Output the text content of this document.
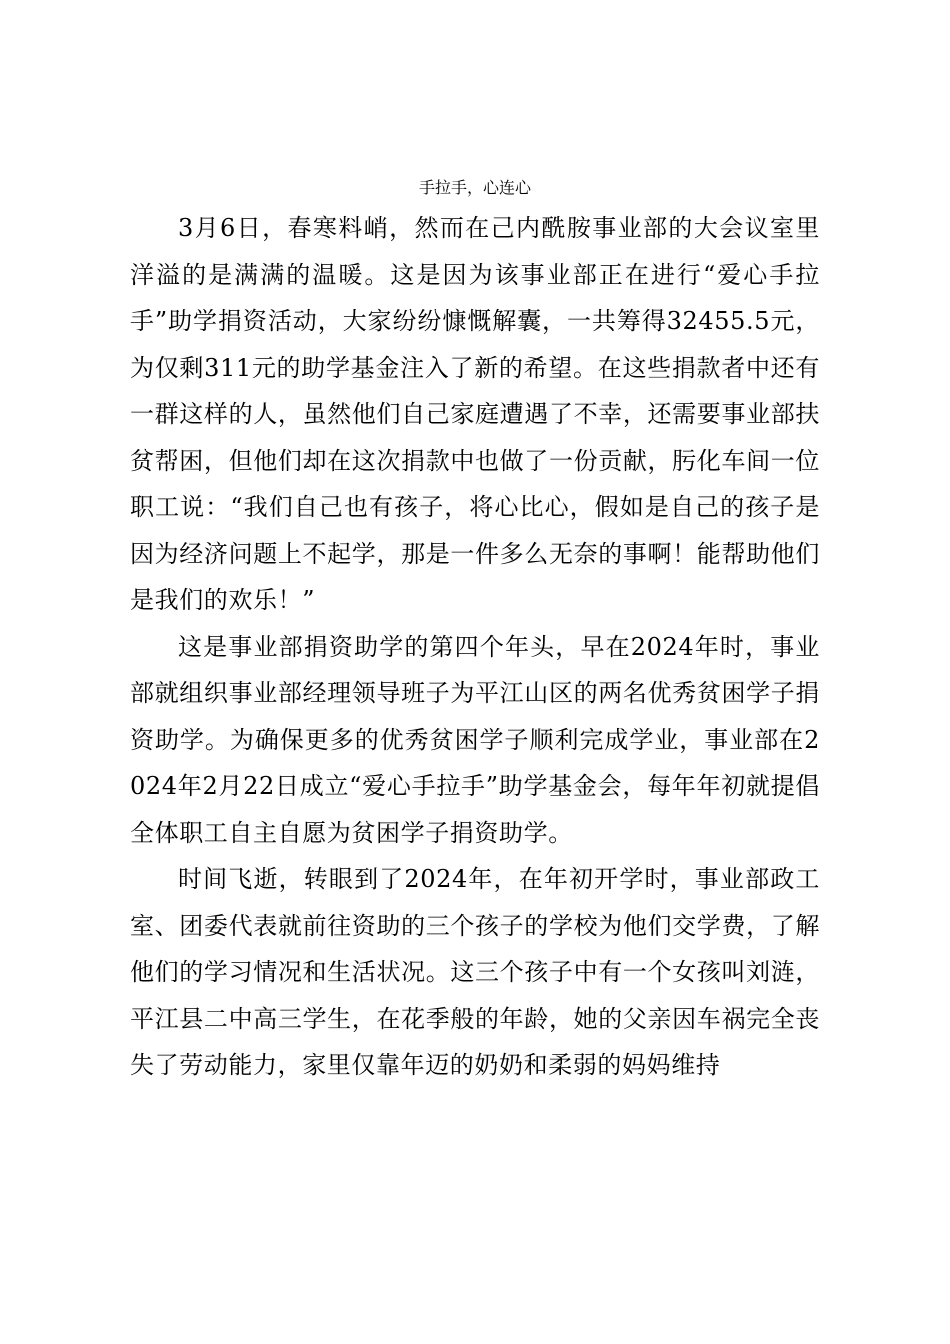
手拉手，心连心

3月6日，春寒料峭，然而在己内酰胺事业部的大会议室里洋溢的是满满的温暖。这是因为该事业部正在进行“爱心手拉手”助学捐资活动，大家纷纷慷慨解囊，一共筹得32455.5元，为仅剩311元的助学基金注入了新的希望。在这些捐款者中还有一群这样的人，虽然他们自己家庭遭遇了不幸，还需要事业部扶贫帮困，但他们却在这次捐款中也做了一份贡献，肟化车间一位职工说：“我们自己也有孩子，将心比心，假如是自己的孩子是因为经济问题上不起学，那是一件多么无奈的事啊！能帮助他们是我们的欢乐！”

这是事业部捐资助学的第四个年头，早在2024年时，事业部就组织事业部经理领导班子为平江山区的两名优秀贫困学子捐资助学。为确保更多的优秀贫困学子顺利完成学业，事业部在2024年2月22日成立“爱心手拉手”助学基金会，每年年初就提倡全体职工自主自愿为贫困学子捐资助学。

时间飞逝，转眼到了2024年，在年初开学时，事业部政工室、团委代表就前往资助的三个孩子的学校为他们交学费，了解他们的学习情况和生活状况。这三个孩子中有一个女孩叫刘涟，平江县二中高三学生，在花季般的年龄，她的父亲因车祸完全丧失了劳动能力，家里仅靠年迈的奶奶和柔弱的妈妈维持
